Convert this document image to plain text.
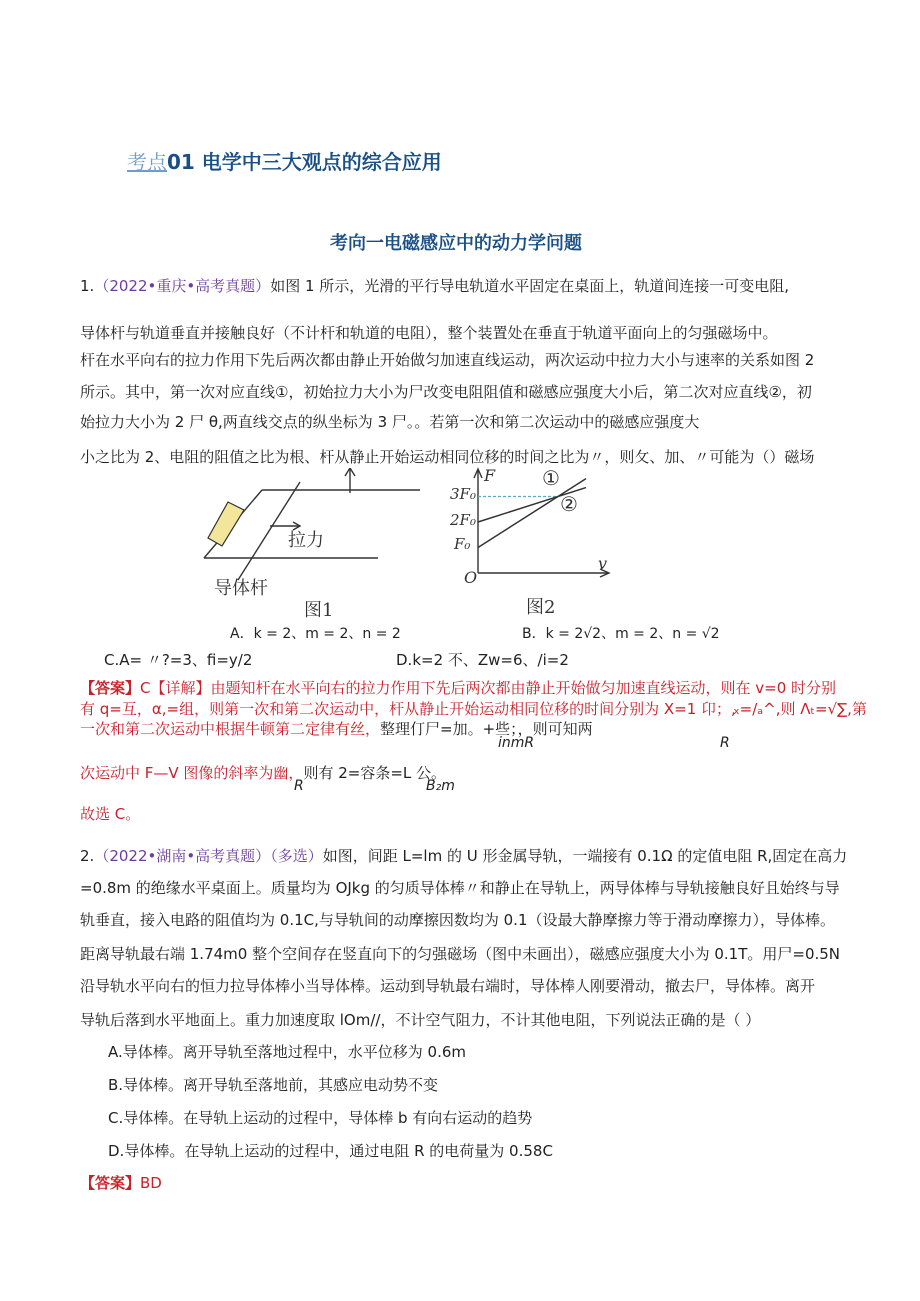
考点01 电学中三大观点的综合应用
考向一电磁感应中的动力学问题
1.（2022•重庆•高考真题）如图 1 所示，光滑的平行导电轨道水平固定在桌面上，轨道间连接一可变电阻,
导体杆与轨道垂直并接触良好（不计杆和轨道的电阻），整个装置处在垂直于轨道平面向上的匀强磁场中。
杆在水平向右的拉力作用下先后两次都由静止开始做匀加速直线运动，两次运动中拉力大小与速率的关系如图 2
所示。其中，第一次对应直线①，初始拉力大小为尸改变电阻阻值和磁感应强度大小后，第二次对应直线②，初
始拉力大小为 2 尸 θ,两直线交点的纵坐标为 3 尸。。若第一次和第二次运动中的磁感应强度大
小之比为 2、电阻的阻值之比为根、杆从静止开始运动相同位移的时间之比为〃，则攵、加、〃可能为（）磁场
拉力
导体杆
图1
F
v
O
3F₀
2F₀
F₀
①
②
图2
A．k = 2、m = 2、n = 2	B．k = 2√2、m = 2、n = √2
C.A= 〃?=3、fi=y/2	D.k=2 不、Zw=6、/i=2
【答案】C【详解】由题知杆在水平向右的拉力作用下先后两次都由静止开始做匀加速直线运动，则在 v=0 时分别
有 q=互，α,=组，则第一次和第二次运动中，杆从静止开始运动相同位移的时间分别为 X=1 卬；,
ₓ=/ₐ^,则 Λₜ=√∑,第
一次和第二次运动中根据牛顿第二定律有丝，整理仃尸=加。+些；，则可知两
inmR	R
次运动中 F—V 图像的斜率为幽，则有 2=容条=L 公。
R	B₂m
故选 C。
2.（2022•湖南•高考真题）（多选）如图，间距 L=lm 的 U 形金属导轨，一端接有 0.1Ω 的定值电阻 R,固定在高力
=0.8m 的绝缘水平桌面上。质量均为 OJkg 的匀质导体棒〃和静止在导轨上，两导体棒与导轨接触良好且始终与导
轨垂直，接入电路的阻值均为 0.1C,与导轨间的动摩擦因数均为 0.1（设最大静摩擦力等于滑动摩擦力），导体棒。
距离导轨最右端 1.74m0 整个空间存在竖直向下的匀强磁场（图中未画出），磁感应强度大小为 0.1T。用尸=0.5N
沿导轨水平向右的恒力拉导体棒小当导体棒。运动到导轨最右端时，导体棒人刚要滑动，撤去尸，导体棒。离开
导轨后落到水平地面上。重力加速度取 lOm//，不计空气阻力，不计其他电阻，下列说法正确的是（ ）
A.导体棒。离开导轨至落地过程中，水平位移为 0.6m
B.导体棒。离开导轨至落地前，其感应电动势不变
C.导体棒。在导轨上运动的过程中，导体棒 b 有向右运动的趋势
D.导体棒。在导轨上运动的过程中，通过电阻 R 的电荷量为 0.58C
【答案】BD
